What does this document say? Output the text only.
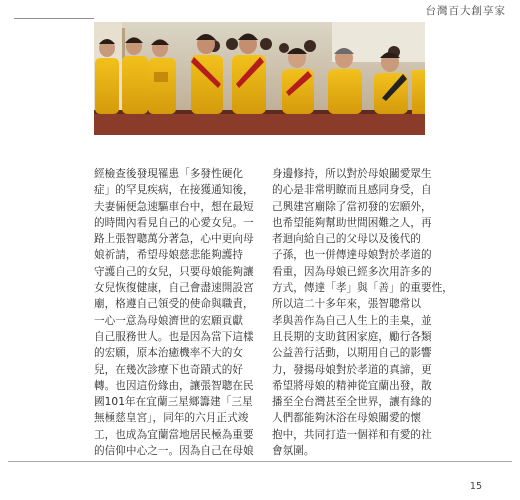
台灣百大創享家
經檢查後發現罹患「多發性硬化
症」的罕見疾病，在接獲通知後，
夫妻倆便急速驅車台中，想在最短
的時間內看見自己的心愛女兒。一
路上張智聰萬分著急，心中更向母
娘祈請，希望母娘慈悲能夠護持
守護自己的女兒，只要母娘能夠讓
女兒恢復健康，自己會盡速開設宮
廟，格遵自己領受的使命與職責，
一心一意為母娘濟世的宏願貢獻
自己服務世人。也是因為當下這樣
的宏願，原本治癒機率不大的女
兒，在幾次診療下也奇蹟式的好
轉。也因這份緣由，讓張智聰在民
國101年在宜蘭三星鄉籌建「三星
無極慈皇宮」，同年的六月正式竣
工，也成為宜蘭當地居民極為重要
的信仰中心之一。因為自己在母娘
身邊修持，所以對於母娘關愛眾生
的心是非常明瞭而且感同身受，自
己興建宮廟除了當初發的宏願外，
也希望能夠幫助世間困難之人，再
者迴向給自己的父母以及後代的
子孫，也一併傳達母娘對於孝道的
看重，因為母娘已經多次用許多的
方式，傳達「孝」與「善」的重要性，
所以這二十多年來，張智聰常以
孝與善作為自己人生上的圭臬，並
且長期的支助貧困家庭，勵行各類
公益善行活動，以期用自己的影響
力，發揚母娘對於孝道的真諦，更
希望將母娘的精神從宜蘭出發，散
播至全台灣甚至全世界，讓有緣的
人們都能夠沐浴在母娘關愛的懷
抱中，共同打造一個祥和有愛的社
會氛圍。
15
